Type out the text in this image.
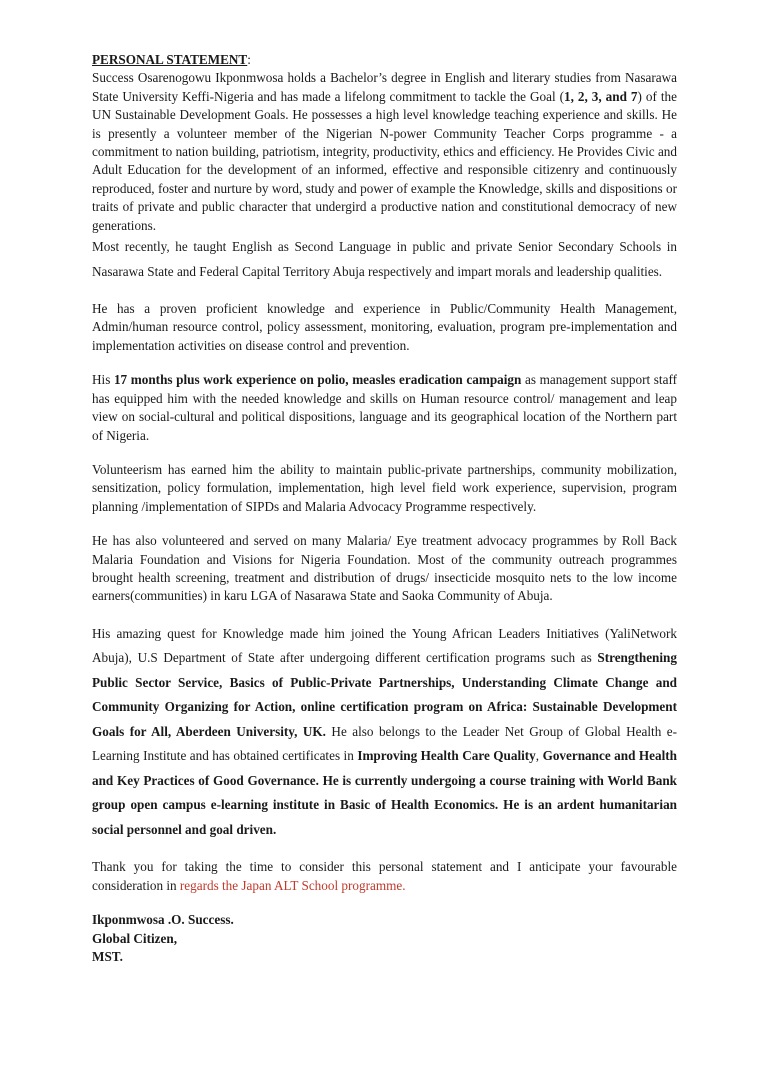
PERSONAL STATEMENT:

Success Osarenogowu Ikponmwosa holds a Bachelor’s degree in English and literary studies from Nasarawa State University Keffi-Nigeria and has made a lifelong commitment to tackle the Goal (1, 2, 3, and 7) of the UN Sustainable Development Goals. He possesses a high level knowledge teaching experience and skills. He is presently a volunteer member of the Nigerian N-power Community Teacher Corps programme - a commitment to nation building, patriotism, integrity, productivity, ethics and efficiency. He Provides Civic and Adult Education for the development of an informed, effective and responsible citizenry and continuously reproduced, foster and nurture by word, study and power of example the Knowledge, skills and dispositions or traits of private and public character that undergird a productive nation and constitutional democracy of new generations.

Most recently, he taught English as Second Language in public and private Senior Secondary Schools in Nasarawa State and Federal Capital Territory Abuja respectively and impart morals and leadership qualities.

He has a proven proficient knowledge and experience in Public/Community Health Management, Admin/human resource control, policy assessment, monitoring, evaluation, program pre-implementation and implementation activities on disease control and prevention.

His 17 months plus work experience on polio, measles eradication campaign as management support staff has equipped him with the needed knowledge and skills on Human resource control/ management and leap view on social-cultural and political dispositions, language and its geographical location of the Northern part of Nigeria.

Volunteerism has earned him the ability to maintain public-private partnerships, community mobilization, sensitization, policy formulation, implementation, high level field work experience, supervision, program planning /implementation of SIPDs and Malaria Advocacy Programme respectively.

He has also volunteered and served on many Malaria/ Eye treatment advocacy programmes by Roll Back Malaria Foundation and Visions for Nigeria Foundation. Most of the community outreach programmes brought health screening, treatment and distribution of drugs/ insecticide mosquito nets to the low income earners(communities) in karu LGA of Nasarawa State and Saoka Community of Abuja.

His amazing quest for Knowledge made him joined the Young African Leaders Initiatives (YaliNetwork Abuja), U.S Department of State after undergoing different certification programs such as Strengthening Public Sector Service, Basics of Public-Private Partnerships, Understanding Climate Change and Community Organizing for Action, online certification program on Africa: Sustainable Development Goals for All, Aberdeen University, UK. He also belongs to the Leader Net Group of Global Health e-Learning Institute and has obtained certificates in Improving Health Care Quality, Governance and Health and Key Practices of Good Governance. He is currently undergoing a course training with World Bank group open campus e-learning institute in Basic of Health Economics. He is an ardent humanitarian social personnel and goal driven.

Thank you for taking the time to consider this personal statement and I anticipate your favourable consideration in regards the Japan ALT School programme.

Ikponmwosa .O. Success.
Global Citizen,
MST.
